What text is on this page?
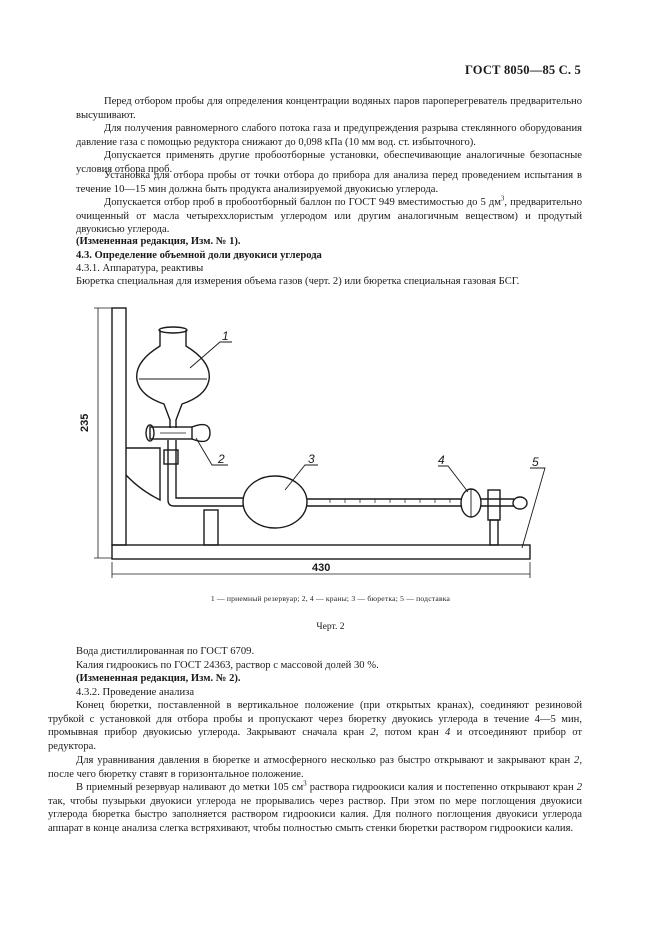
ГОСТ 8050—85 С. 5

Перед отбором пробы для определения концентрации водяных паров пароперегреватель предварительно высушивают.

Для получения равномерного слабого потока газа и предупреждения разрыва стеклянного оборудования давление газа с помощью редуктора снижают до 0,098 кПа (10 мм вод. ст. избыточного).

Допускается применять другие пробоотборные установки, обеспечивающие аналогичные безопасные условия отбора проб.

Установка для отбора пробы от точки отбора до прибора для анализа перед проведением испытания в течение 10—15 мин должна быть продукта анализируемой двуокисью углерода.

Допускается отбор проб в пробоотборный баллон по ГОСТ 949 вместимостью до 5 $дм^3$, предварительно очищенный от масла четыреххлористым углеродом или другим аналогичным веществом) и продутый двуокисью углерода.

(Измененная редакция, Изм. № 1).
4.3. Определение объемной доли двуокиси углерода
4.3.1. Аппаратура, реактивы

Бюретка специальная для измерения объема газов (черт. 2) или бюретка специальная газовая БСГ.

235
430
1
2	3	4	5
1 — приемный резервуар; 2, 4 — краны; 3 — бюретка; 5 — подставка
Черт. 2
Вода дистиллированная по ГОСТ 6709.
Калия гидроокись по ГОСТ 24363, раствор с массовой долей 30 %.
(Измененная редакция, Изм. № 2).
4.3.2. Проведение анализа

Конец бюретки, поставленной в вертикальное положение (при открытых кранах), соединяют резиновой трубкой с установкой для отбора пробы и пропускают через бюретку двуокись углерода в течение 4—5 мин, промывная прибор двуокисью углерода. Закрывают сначала кран 2, потом кран 4 и отсоединяют прибор от редуктора.

Для уравнивания давления в бюретке и атмосферного несколько раз быстро открывают и закрывают кран 2, после чего бюретку ставят в горизонтальное положение.

В приемный резервуар наливают до метки 105 $см^3$ раствора гидроокиси калия и постепенно открывают кран 2 так, чтобы пузырьки двуокиси углерода не прорывались через раствор. При этом по мере поглощения двуокиси углерода бюретка быстро заполняется раствором гидроокиси калия. Для полного поглощения двуокиси углерода аппарат в конце анализа слегка встряхивают, чтобы полностью смыть стенки бюретки раствором гидроокиси калия.
